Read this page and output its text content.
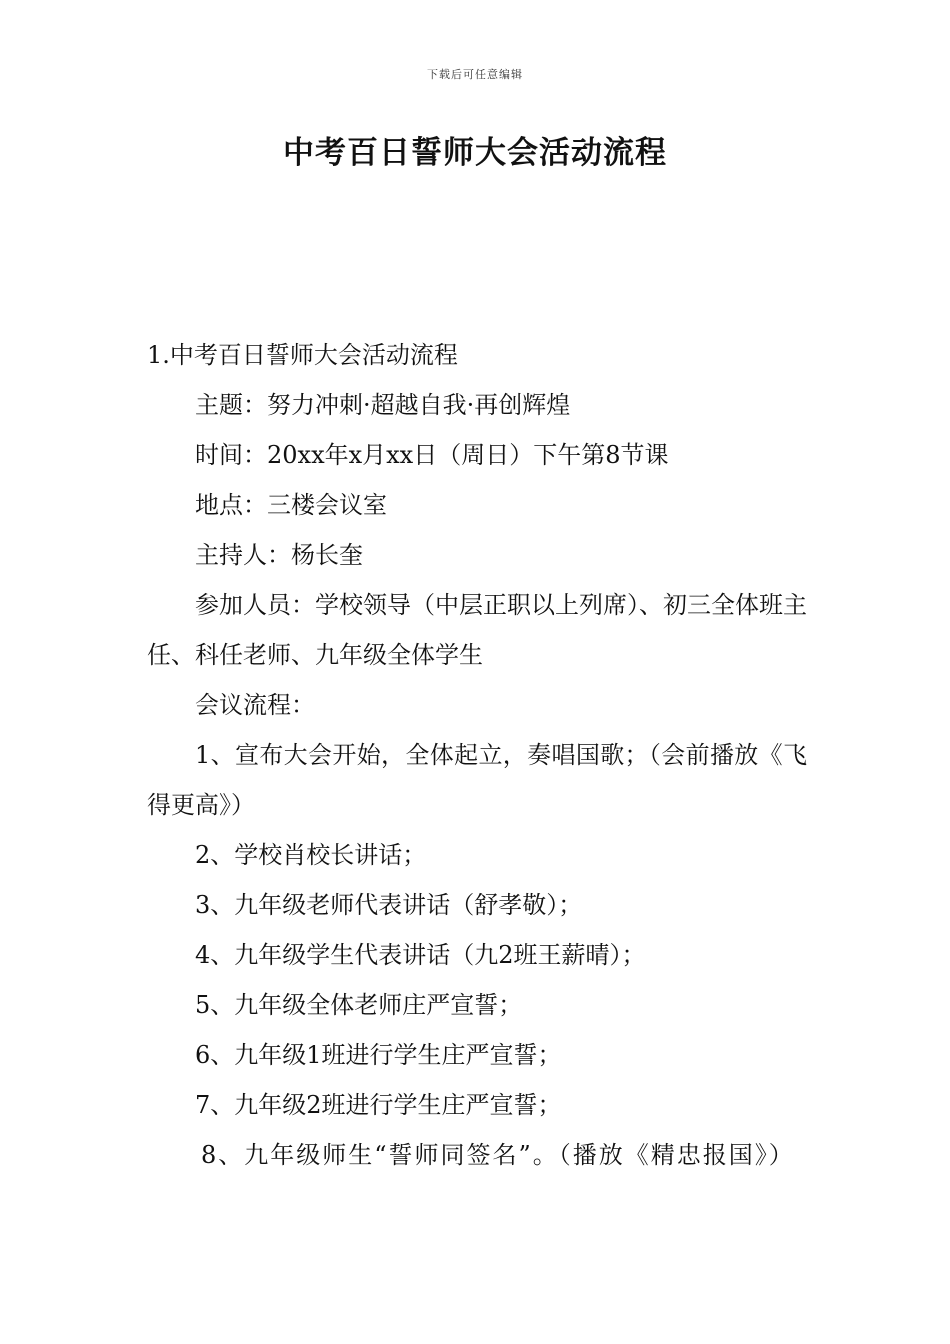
下载后可任意编辑
中考百日誓师大会活动流程
1.中考百日誓师大会活动流程
主题：努力冲刺·超越自我·再创辉煌
时间：20xx年x月xx日（周日）下午第8节课
地点：三楼会议室
主持人：杨长奎
参加人员：学校领导（中层正职以上列席）、初三全体班主任、科任老师、九年级全体学生
会议流程：
1、宣布大会开始，全体起立，奏唱国歌；（会前播放《飞得更高》）
2、学校肖校长讲话；
3、九年级老师代表讲话（舒孝敬）；
4、九年级学生代表讲话（九2班王薪晴）；
5、九年级全体老师庄严宣誓；
6、九年级1班进行学生庄严宣誓；
7、九年级2班进行学生庄严宣誓；
8、九年级师生“誓师同签名”。（播放《精忠报国》）
